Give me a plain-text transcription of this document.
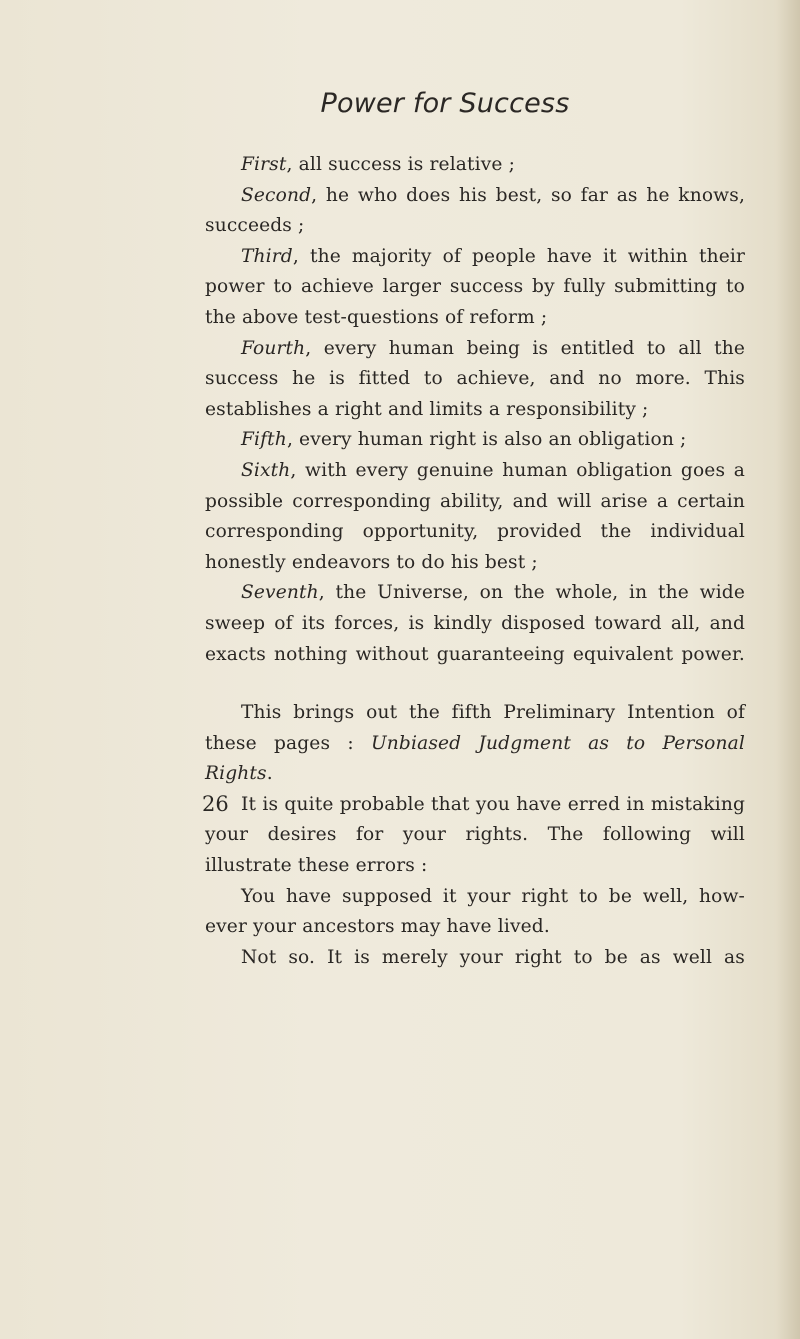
Power for Success
First, all success is relative ;
Second, he who does his best, so far as he knows,
succeeds ;
Third, the majority of people have it within their
power to achieve larger success by fully submitting to
the above test-questions of reform ;
Fourth, every human being is entitled to all the
success he is fitted to achieve, and no more. This
establishes a right and limits a responsibility ;
Fifth, every human right is also an obligation ;
Sixth, with every genuine human obligation goes a
possible corresponding ability, and will arise a certain
corresponding opportunity, provided the individual
honestly endeavors to do his best ;
Seventh, the Universe, on the whole, in the wide
sweep of its forces, is kindly disposed toward all, and
exacts nothing without guaranteeing equivalent power.
This brings out the fifth Preliminary Intention of
these pages : Unbiased Judgment as to Personal
Rights.
It is quite probable that you have erred in mistaking
your desires for your rights. The following will
illustrate these errors :
You have supposed it your right to be well, how-
ever your ancestors may have lived.
Not so. It is merely your right to be as well as
26
